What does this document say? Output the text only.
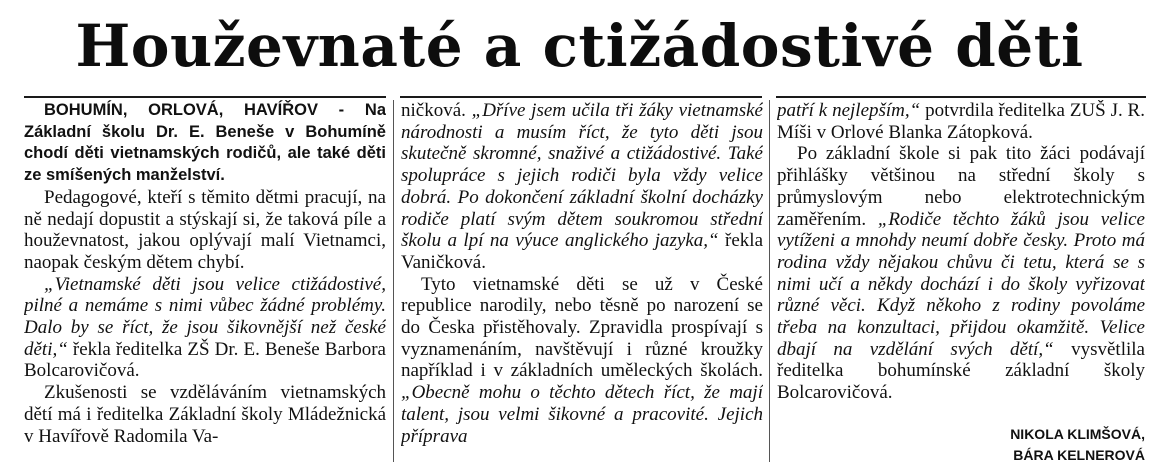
Houževnaté a ctižádostivé děti

BOHUMÍN, ORLOVÁ, HAVÍŘOV - Na Základní školu Dr. E. Beneše v Bohumíně chodí děti vietnamských rodičů, ale také děti ze smíšených manželství.

Pedagogové, kteří s těmito dětmi pracují, na ně nedají dopustit a stýskají si, že taková píle a houževnatost, jakou oplývají malí Vietnamci, naopak českým dětem chybí.

„Vietnamské děti jsou velice ctižádostivé, pilné a nemáme s nimi vůbec žádné problémy. Dalo by se říct, že jsou šikovnější než české děti,“ řekla ředitelka ZŠ Dr. E. Beneše Barbora Bolcarovičová.

Zkušenosti se vzděláváním vietnamských dětí má i ředitelka Základní školy Mládežnická v Havířově Radomila Va-

ničková. „Dříve jsem učila tři žáky vietnamské národnosti a musím říct, že tyto děti jsou skutečně skromné, snaživé a ctižádostivé. Také spolupráce s jejich rodiči byla vždy velice dobrá. Po dokončení základní školní docházky rodiče platí svým dětem soukromou střední školu a lpí na výuce anglického jazyka,“ řekla Vaničková.

Tyto vietnamské děti se už v České republice narodily, nebo těsně po narození se do Česka přistěhovaly. Zpravidla prospívají s vyznamenáním, navštěvují i různé kroužky například i v základních uměleckých školách. „Obecně mohu o těchto dětech říct, že mají talent, jsou velmi šikovné a pracovité. Jejich příprava

patří k nejlepším,“ potvrdila ředitelka ZUŠ J. R. Míši v Orlové Blanka Zátopková.

Po základní škole si pak tito žáci podávají přihlášky většinou na střední školy s průmyslovým nebo elektrotechnickým zaměřením. „Rodiče těchto žáků jsou velice vytíženi a mnohdy neumí dobře česky. Proto má rodina vždy nějakou chůvu či tetu, která se s nimi učí a někdy dochází i do školy vyřizovat různé věci. Když někoho z rodiny povoláme třeba na konzultaci, přijdou okamžitě. Velice dbají na vzdělání svých dětí,“ vysvětlila ředitelka bohumínské základní školy Bolcarovičová.

NIKOLA KLIMŠOVÁ,
BÁRA KELNEROVÁ
